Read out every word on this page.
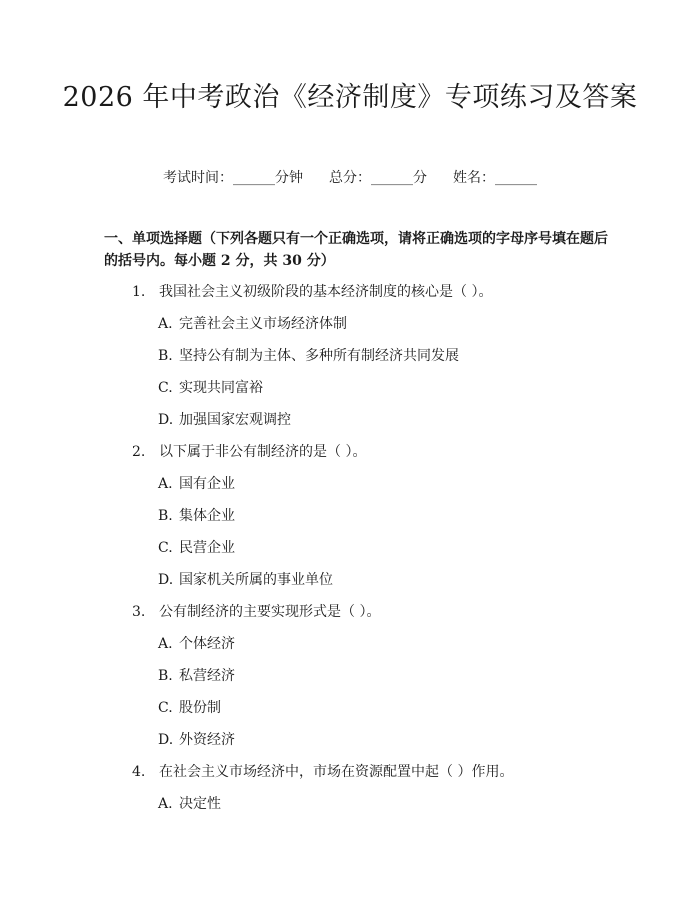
2026 年中考政治《经济制度》专项练习及答案
考试时间：______分钟 总分：______分 姓名：______
一、单项选择题（下列各题只有一个正确选项，请将正确选项的字母序号填在题后的括号内。每小题 2 分，共 30 分）
1. 我国社会主义初级阶段的基本经济制度的核心是（ ）。
A. 完善社会主义市场经济体制
B. 坚持公有制为主体、多种所有制经济共同发展
C. 实现共同富裕
D. 加强国家宏观调控
2. 以下属于非公有制经济的是（ ）。
A. 国有企业
B. 集体企业
C. 民营企业
D. 国家机关所属的事业单位
3. 公有制经济的主要实现形式是（ ）。
A. 个体经济
B. 私营经济
C. 股份制
D. 外资经济
4. 在社会主义市场经济中，市场在资源配置中起（ ）作用。
A. 决定性
